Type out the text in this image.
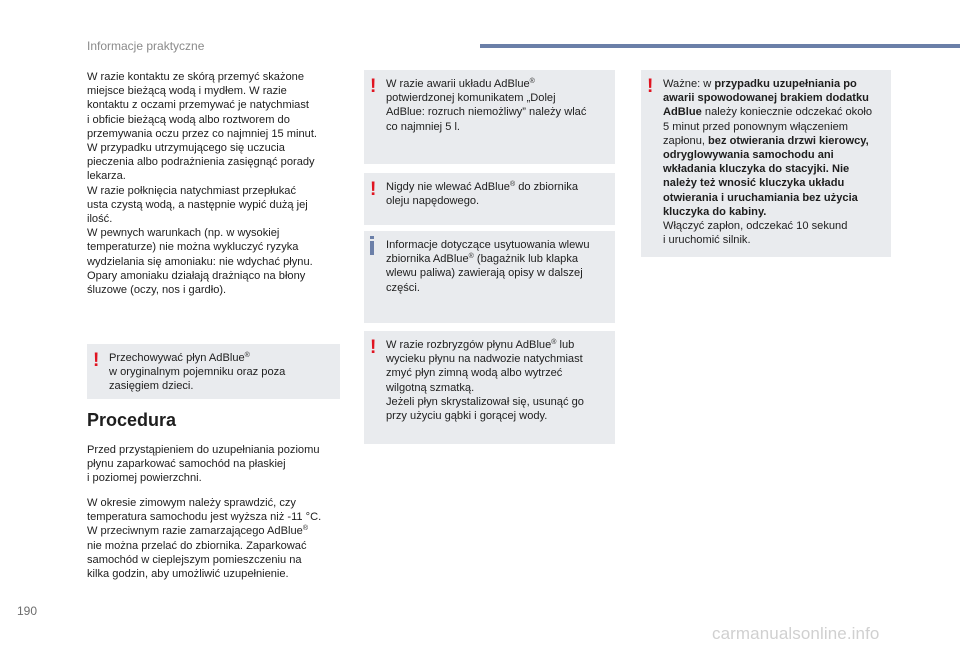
Informacje praktyczne

W razie kontaktu ze skórą przemyć skażone
miejsce bieżącą wodą i mydłem. W razie
kontaktu z oczami przemywać je natychmiast
i obficie bieżącą wodą albo roztworem do
przemywania oczu przez co najmniej 15 minut.
W przypadku utrzymującego się uczucia
pieczenia albo podrażnienia zasięgnąć porady
lekarza.
W razie połknięcia natychmiast przepłukać
usta czystą wodą, a następnie wypić dużą jej
ilość.
W pewnych warunkach (np. w wysokiej
temperaturze) nie można wykluczyć ryzyka
wydzielania się amoniaku: nie wdychać płynu.
Opary amoniaku działają drażniąco na błony
śluzowe (oczy, nos i gardło).

! Przechowywać płyn AdBlue®
w oryginalnym pojemniku oraz poza
zasięgiem dzieci.

Procedura

Przed przystąpieniem do uzupełniania poziomu
płynu zaparkować samochód na płaskiej
i poziomej powierzchni.

W okresie zimowym należy sprawdzić, czy
temperatura samochodu jest wyższa niż -11 °C.
W przeciwnym razie zamarzającego AdBlue®
nie można przelać do zbiornika. Zaparkować
samochód w cieplejszym pomieszczeniu na
kilka godzin, aby umożliwić uzupełnienie.

! W razie awarii układu AdBlue®
potwierdzonej komunikatem „Dolej
AdBlue: rozruch niemożliwy” należy wlać
co najmniej 5 l.

! Nigdy nie wlewać AdBlue® do zbiornika
oleju napędowego.

Informacje dotyczące usytuowania wlewu
zbiornika AdBlue® (bagażnik lub klapka
wlewu paliwa) zawierają opisy w dalszej
części.

! W razie rozbryzgów płynu AdBlue® lub
wycieku płynu na nadwozie natychmiast
zmyć płyn zimną wodą albo wytrzeć
wilgotną szmatką.
Jeżeli płyn skrystalizował się, usunąć go
przy użyciu gąbki i gorącej wody.

! Ważne: w przypadku uzupełniania po
awarii spowodowanej brakiem dodatku
AdBlue należy koniecznie odczekać około
5 minut przed ponownym włączeniem
zapłonu, bez otwierania drzwi kierowcy,
odryglowywania samochodu ani
wkładania kluczyka do stacyjki. Nie
należy też wnosić kluczyka układu
otwierania i uruchamiania bez użycia
kluczyka do kabiny.
Włączyć zapłon, odczekać 10 sekund
i uruchomić silnik.

190
carmanualsonline.info
